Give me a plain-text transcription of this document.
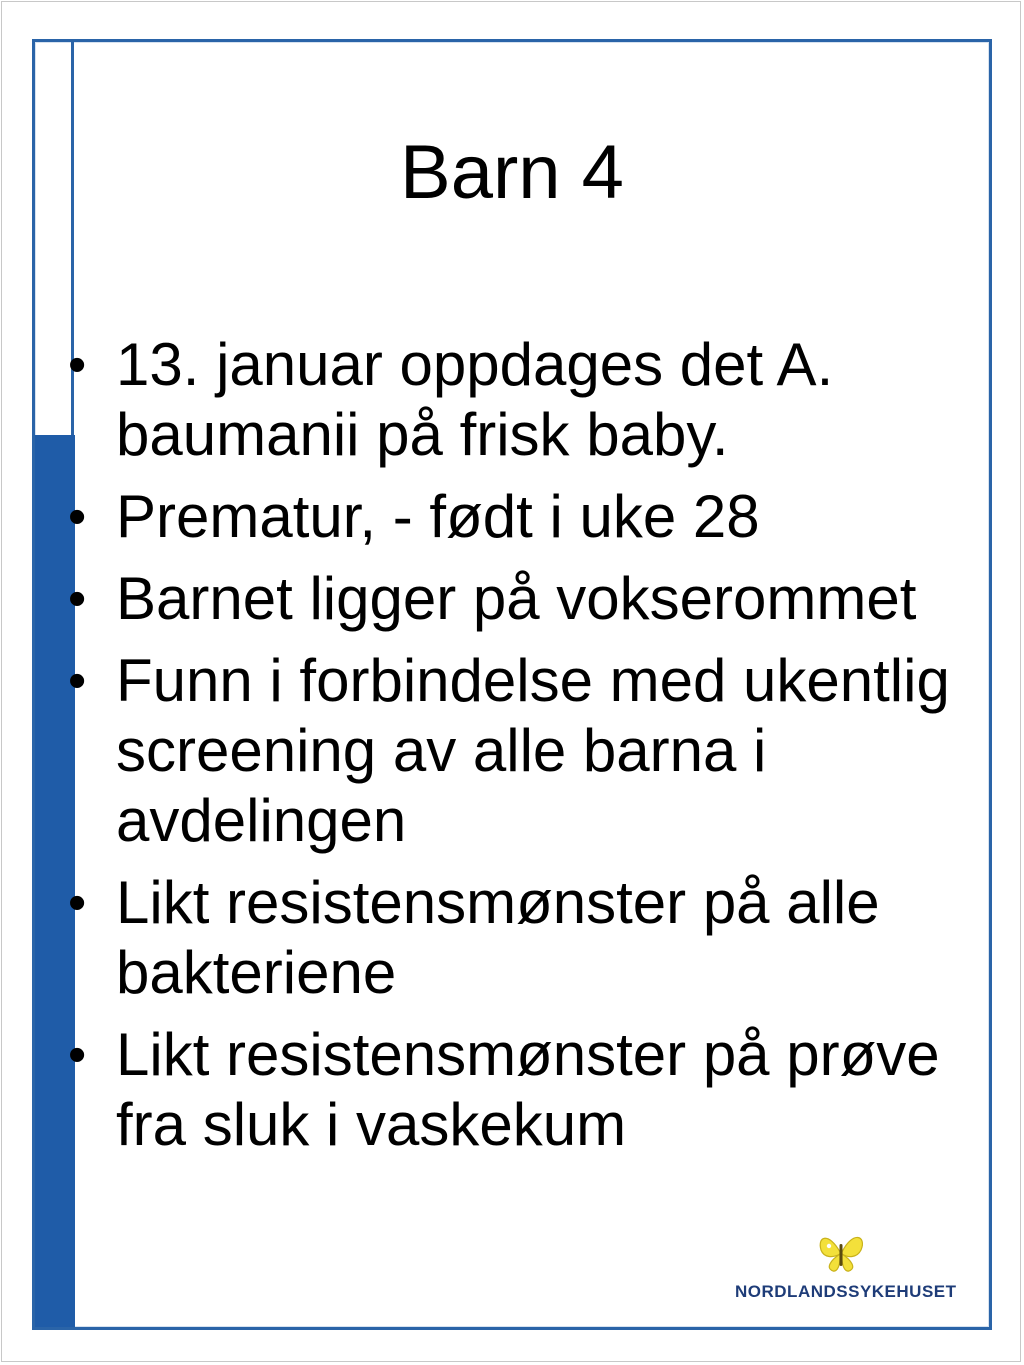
Barn 4
• 13. januar oppdages det A. baumanii på frisk baby.
• Prematur, - født i uke 28
• Barnet ligger på vokserommet
• Funn i forbindelse med ukentlig screening av alle barna i avdelingen
• Likt resistensmønster på alle bakteriene
• Likt resistensmønster på prøve fra sluk i vaskekum
NORDLANDSSYKEHUSET
